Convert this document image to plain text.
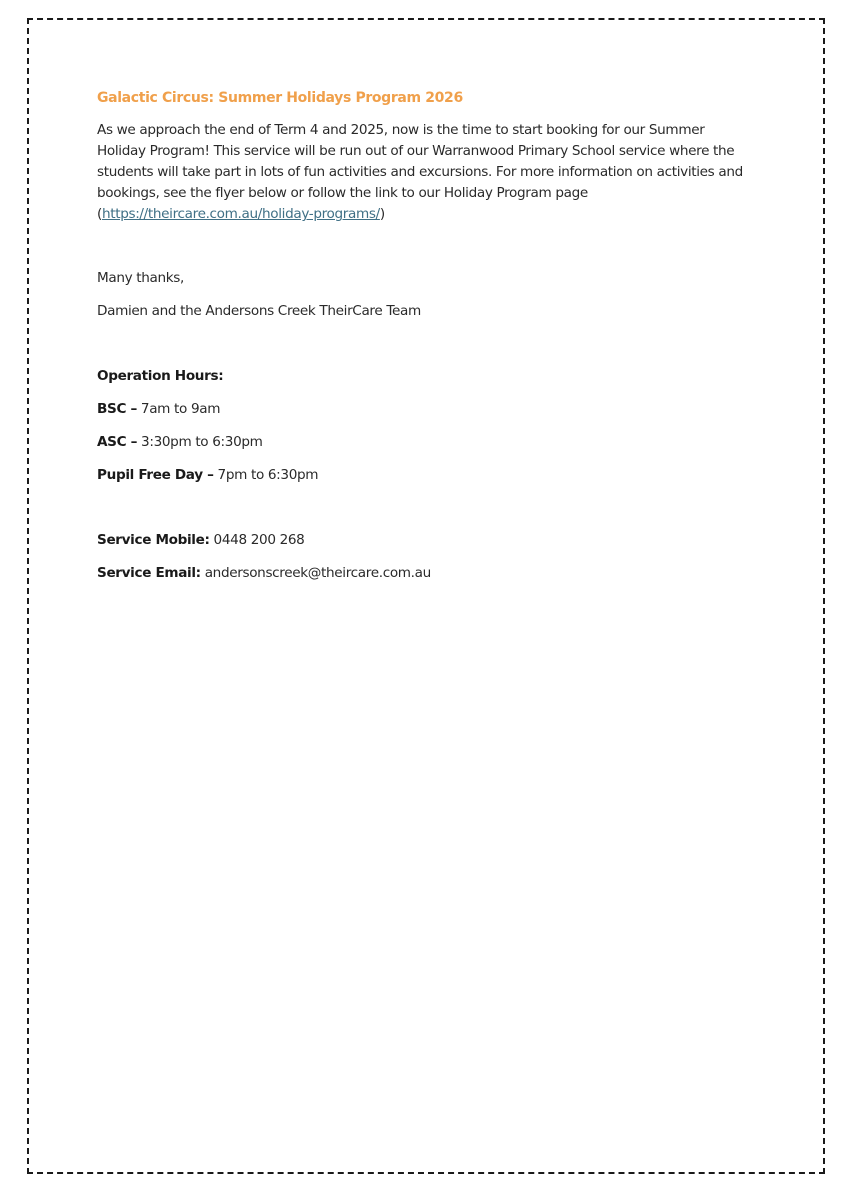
Galactic Circus: Summer Holidays Program 2026

As we approach the end of Term 4 and 2025, now is the time to start booking for our Summer Holiday Program! This service will be run out of our Warranwood Primary School service where the students will take part in lots of fun activities and excursions. For more information on activities and bookings, see the flyer below or follow the link to our Holiday Program page (https://theircare.com.au/holiday-programs/)

Many thanks,

Damien and the Andersons Creek TheirCare Team

Operation Hours:

BSC – 7am to 9am

ASC – 3:30pm to 6:30pm

Pupil Free Day – 7pm to 6:30pm

Service Mobile: 0448 200 268

Service Email: andersonscreek@theircare.com.au
